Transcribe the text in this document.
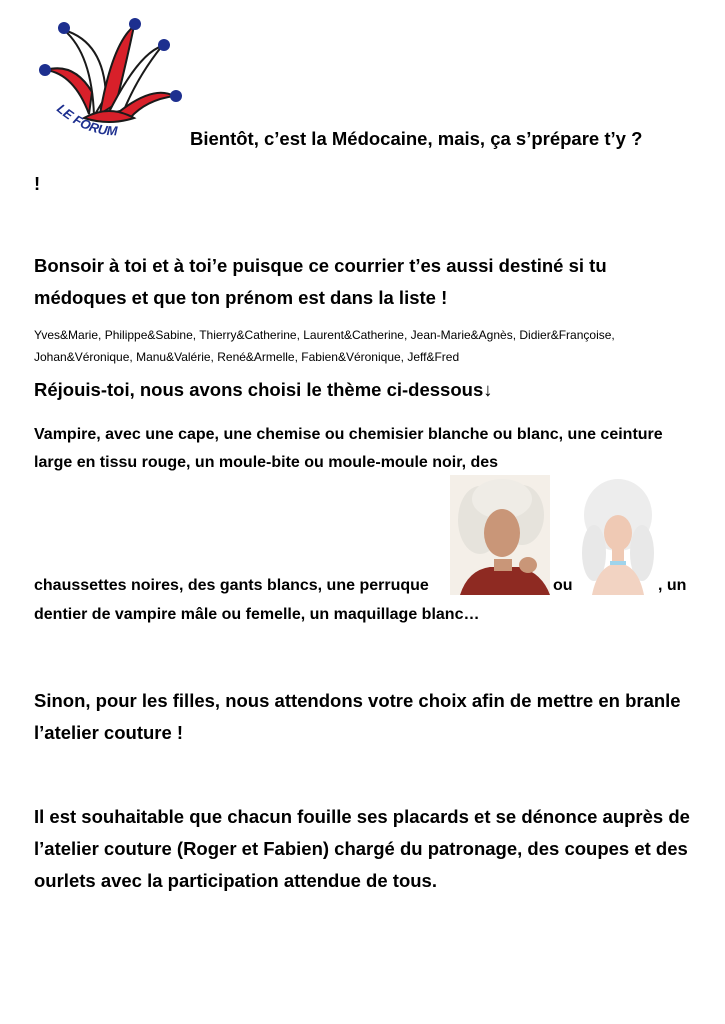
LE FORUM	Bientôt, c’est la Médocaine, mais, ça s’prépare t’y ?
!
Bonsoir à toi et à toi’e puisque ce courrier t’es aussi destiné si tu médoques et que ton prénom est dans la liste !
Yves&Marie, Philippe&Sabine, Thierry&Catherine, Laurent&Catherine, Jean-Marie&Agnès, Didier&Françoise, Johan&Véronique, Manu&Valérie, René&Armelle, Fabien&Véronique, Jeff&Fred
Réjouis-toi, nous avons choisi le thème ci-dessous↓
Vampire, avec une cape, une chemise ou chemisier blanche ou blanc, une ceinture large en tissu rouge, un moule-bite ou moule-moule noir, des
chaussettes noires, des gants blancs, une perruque	ou	, un
dentier de vampire mâle ou femelle, un maquillage blanc…
Sinon, pour les filles, nous attendons votre choix afin de mettre en branle l’atelier couture !
Il est souhaitable que chacun fouille ses placards et se dénonce auprès de l’atelier couture (Roger et Fabien) chargé du patronage, des coupes et des ourlets avec la participation attendue de tous.
